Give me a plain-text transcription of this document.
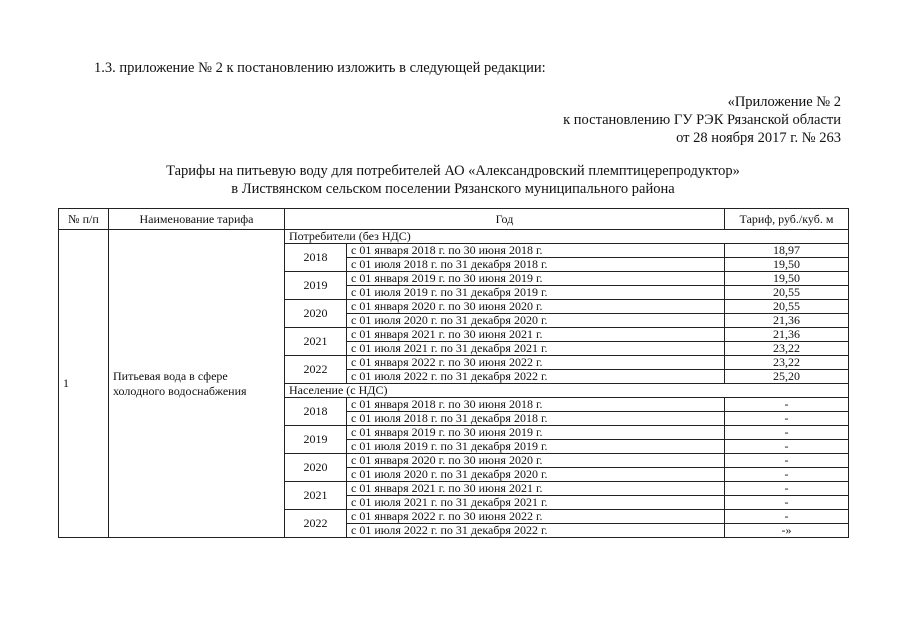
1.3. приложение № 2 к постановлению изложить в следующей редакции:

«Приложение № 2
к постановлению ГУ РЭК Рязанской области
от 28 ноября 2017 г. № 263
Тарифы на питьевую воду для потребителей АО «Александровский племптицерепродуктор»
в Листвянском сельском поселении Рязанского муниципального района
№ п/п	Наименование тарифа	Год		Тариф, руб./куб. м
1	Питьевая вода в сфере холодного водоснабжения	Потребители (без НДС)		
		2018	с 01 января 2018 г. по 30 июня 2018 г.	18,97
			с 01 июля 2018 г. по 31 декабря 2018 г.	19,50
		2019	с 01 января 2019 г. по 30 июня 2019 г.	19,50
			с 01 июля 2019 г. по 31 декабря 2019 г.	20,55
		2020	с 01 января 2020 г. по 30 июня 2020 г.	20,55
			с 01 июля 2020 г. по 31 декабря 2020 г.	21,36
		2021	с 01 января 2021 г. по 30 июня 2021 г.	21,36
			с 01 июля 2021 г. по 31 декабря 2021 г.	23,22
		2022	с 01 января 2022 г. по 30 июня 2022 г.	23,22
			с 01 июля 2022 г. по 31 декабря 2022 г.	25,20
		Население (с НДС)		
		2018	с 01 января 2018 г. по 30 июня 2018 г.	-
			с 01 июля 2018 г. по 31 декабря 2018 г.	-
		2019	с 01 января 2019 г. по 30 июня 2019 г.	-
			с 01 июля 2019 г. по 31 декабря 2019 г.	-
		2020	с 01 января 2020 г. по 30 июня 2020 г.	-
			с 01 июля 2020 г. по 31 декабря 2020 г.	-
		2021	с 01 января 2021 г. по 30 июня 2021 г.	-
			с 01 июля 2021 г. по 31 декабря 2021 г.	-
		2022	с 01 января 2022 г. по 30 июня 2022 г.	-
			с 01 июля 2022 г. по 31 декабря 2022 г.	-»
